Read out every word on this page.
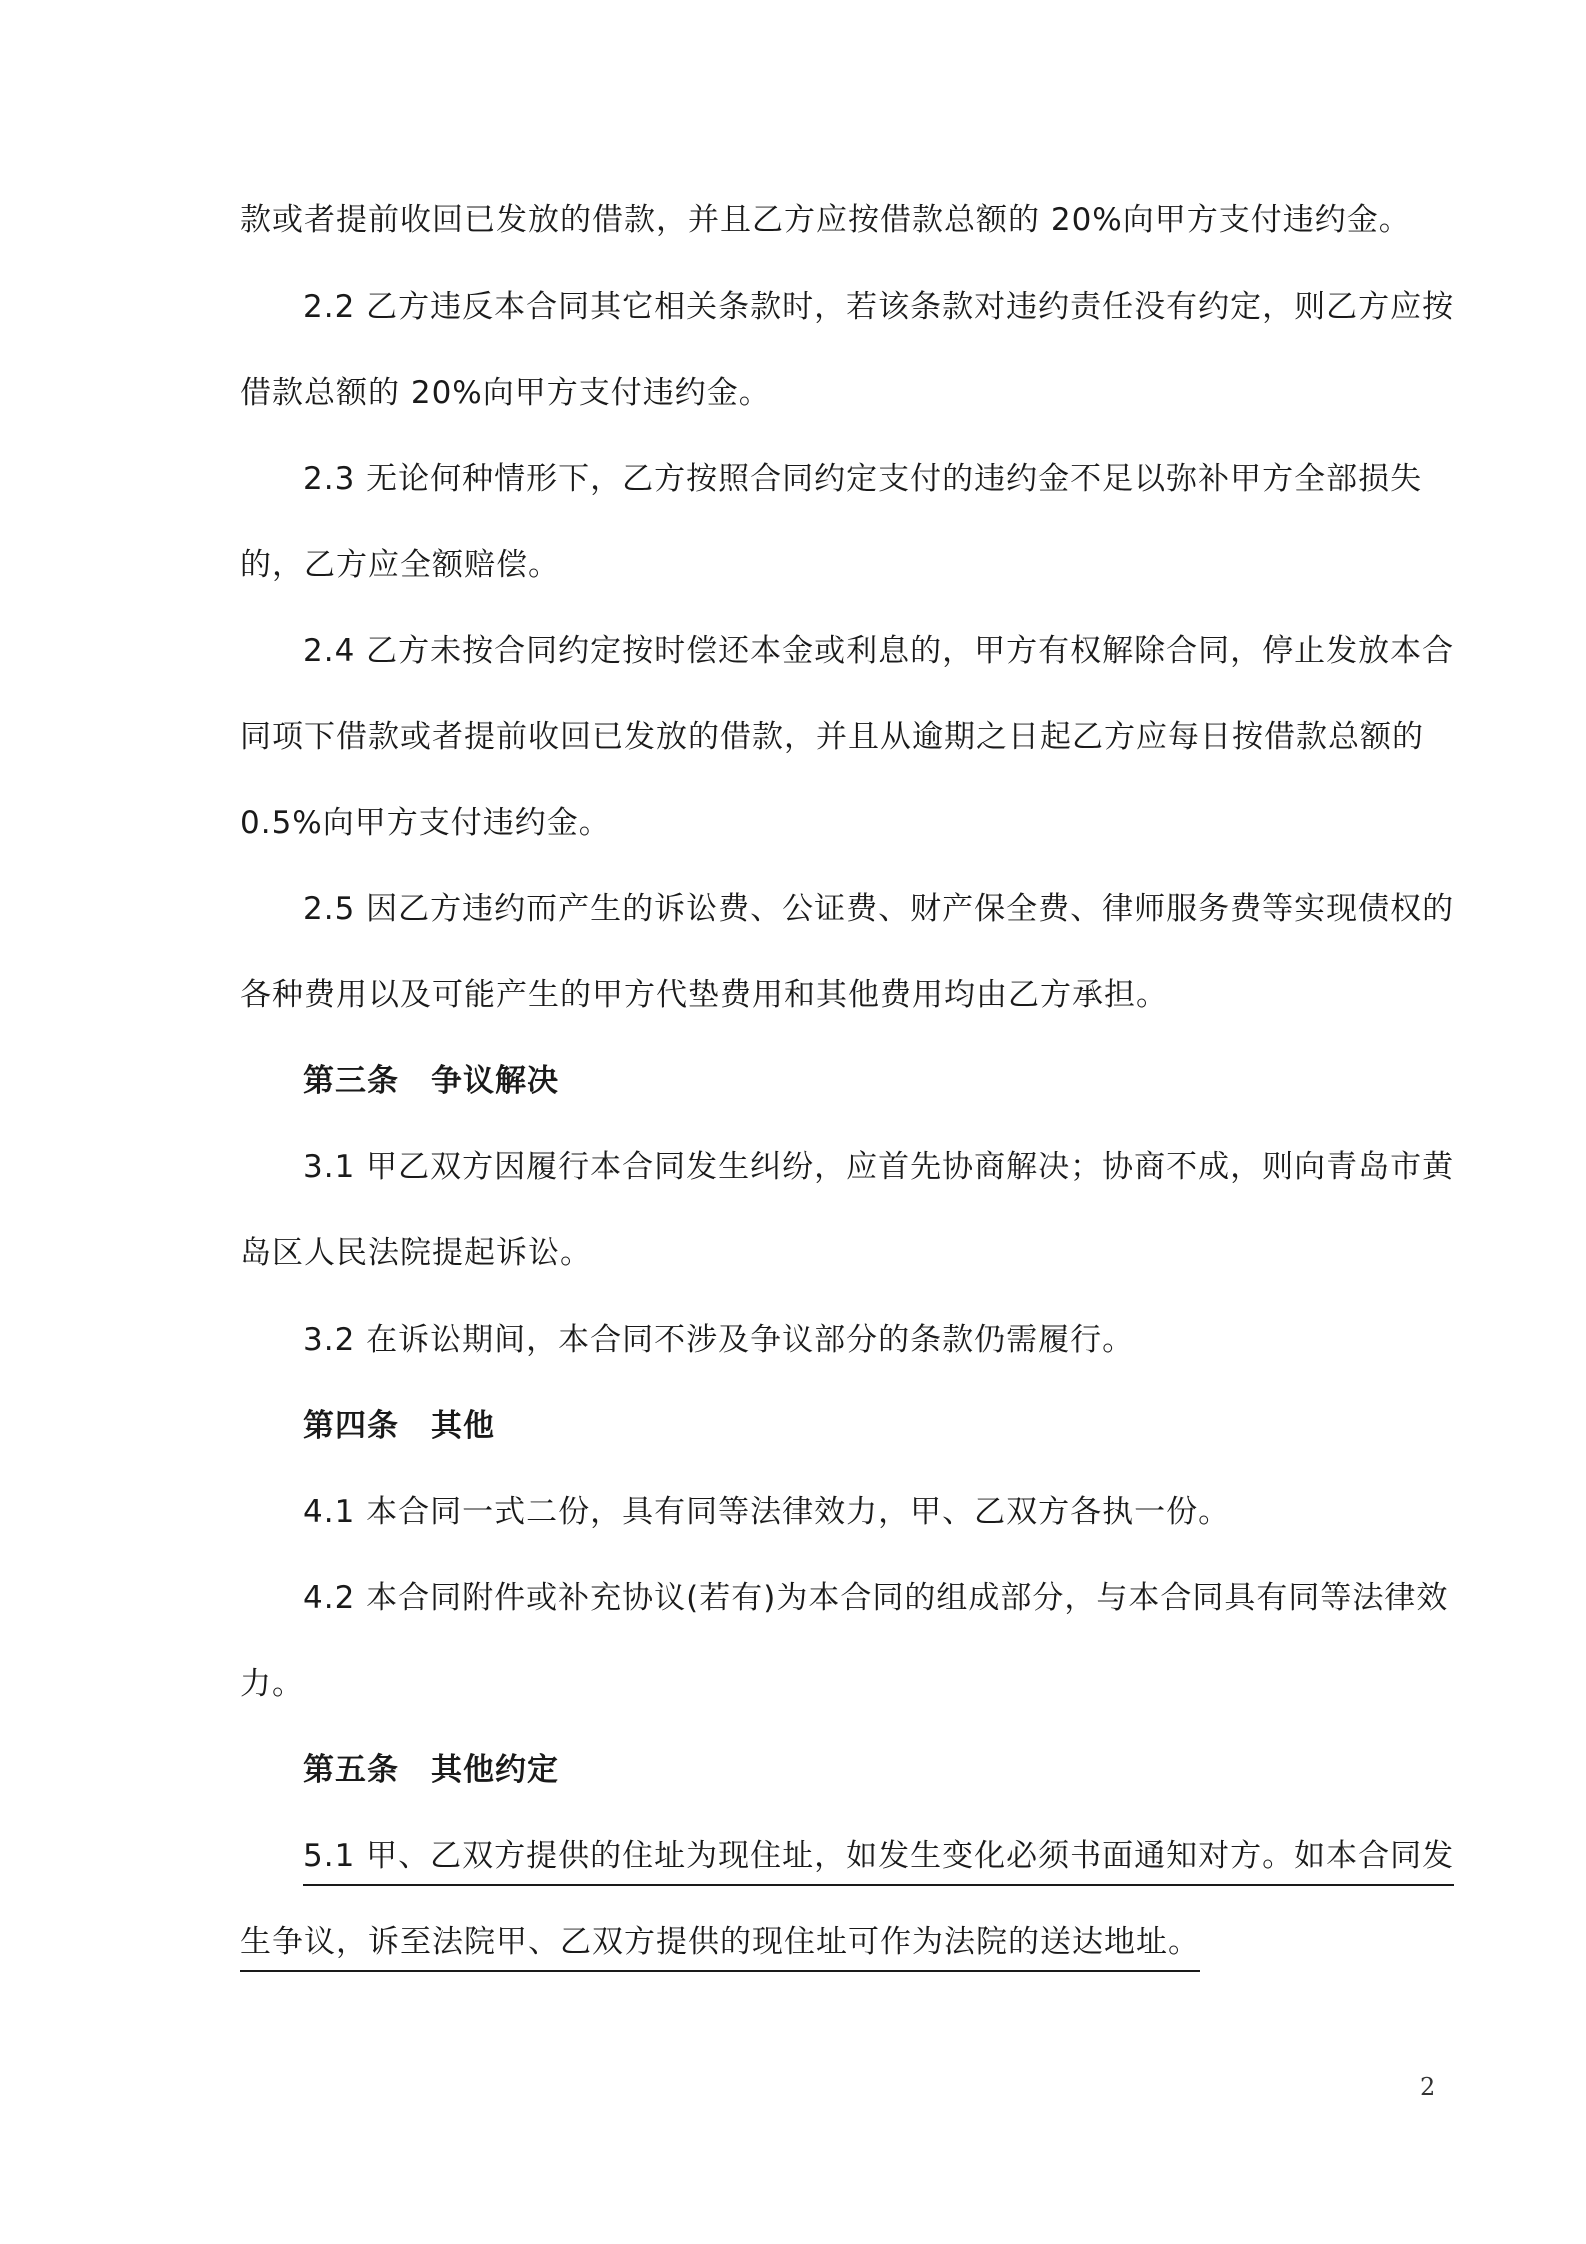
款或者提前收回已发放的借款，并且乙方应按借款总额的 20%向甲方支付违约金。
2.2 乙方违反本合同其它相关条款时，若该条款对违约责任没有约定，则乙方应按
借款总额的 20%向甲方支付违约金。
2.3 无论何种情形下，乙方按照合同约定支付的违约金不足以弥补甲方全部损失
的，乙方应全额赔偿。
2.4 乙方未按合同约定按时偿还本金或利息的，甲方有权解除合同，停止发放本合
同项下借款或者提前收回已发放的借款，并且从逾期之日起乙方应每日按借款总额的
0.5%向甲方支付违约金。
2.5 因乙方违约而产生的诉讼费、公证费、财产保全费、律师服务费等实现债权的
各种费用以及可能产生的甲方代垫费用和其他费用均由乙方承担。
第三条　争议解决
3.1 甲乙双方因履行本合同发生纠纷，应首先协商解决；协商不成，则向青岛市黄
岛区人民法院提起诉讼。
3.2 在诉讼期间，本合同不涉及争议部分的条款仍需履行。
第四条　其他
4.1 本合同一式二份，具有同等法律效力，甲、乙双方各执一份。
4.2 本合同附件或补充协议(若有)为本合同的组成部分，与本合同具有同等法律效
力。
第五条　其他约定
5.1 甲、乙双方提供的住址为现住址，如发生变化必须书面通知对方。如本合同发
生争议，诉至法院甲、乙双方提供的现住址可作为法院的送达地址。
2
